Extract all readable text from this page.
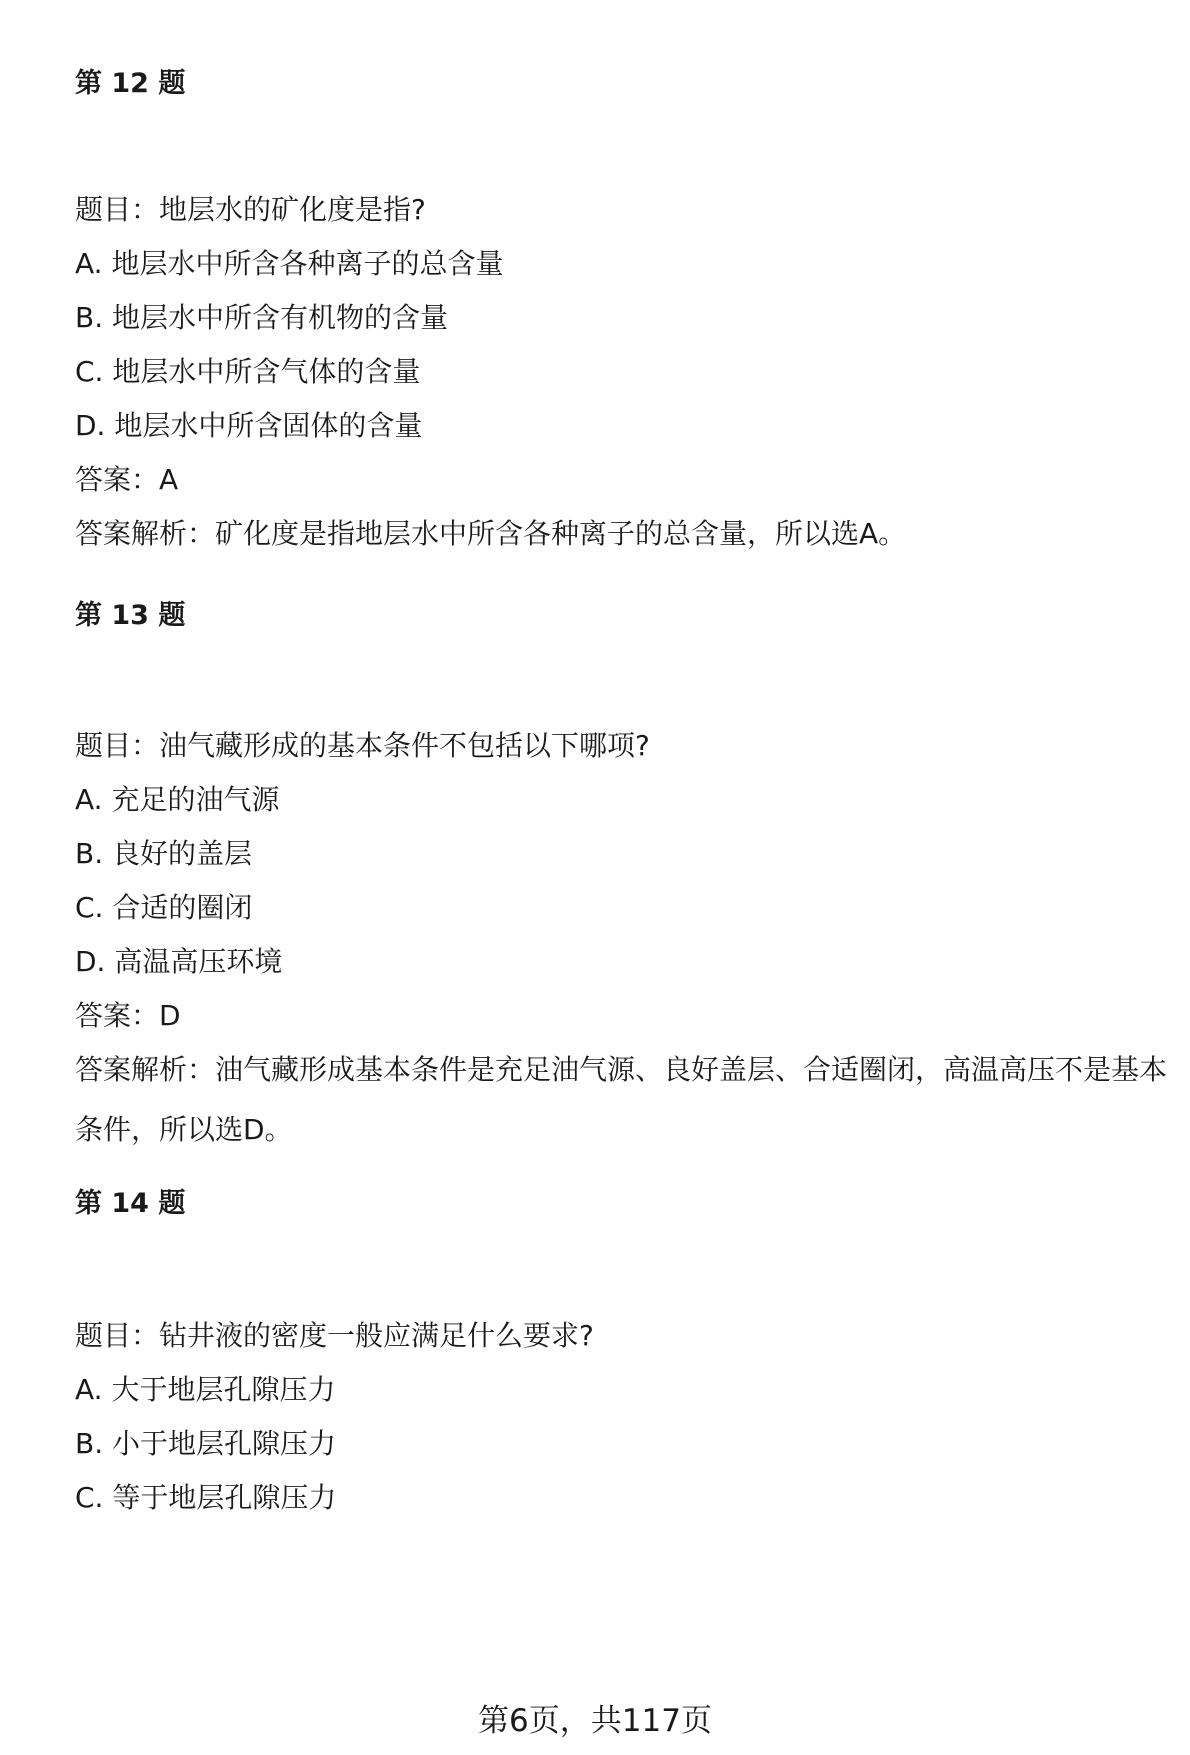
第 12 题
题目：地层水的矿化度是指?
A. 地层水中所含各种离子的总含量
B. 地层水中所含有机物的含量
C. 地层水中所含气体的含量
D. 地层水中所含固体的含量
答案：A
答案解析：矿化度是指地层水中所含各种离子的总含量，所以选A。
第 13 题
题目：油气藏形成的基本条件不包括以下哪项?
A. 充足的油气源
B. 良好的盖层
C. 合适的圈闭
D. 高温高压环境
答案：D
答案解析：油气藏形成基本条件是充足油气源、良好盖层、合适圈闭，高温高压不是基本条件，所以选D。
第 14 题
题目：钻井液的密度一般应满足什么要求?
A. 大于地层孔隙压力
B. 小于地层孔隙压力
C. 等于地层孔隙压力
第6页，共117页
